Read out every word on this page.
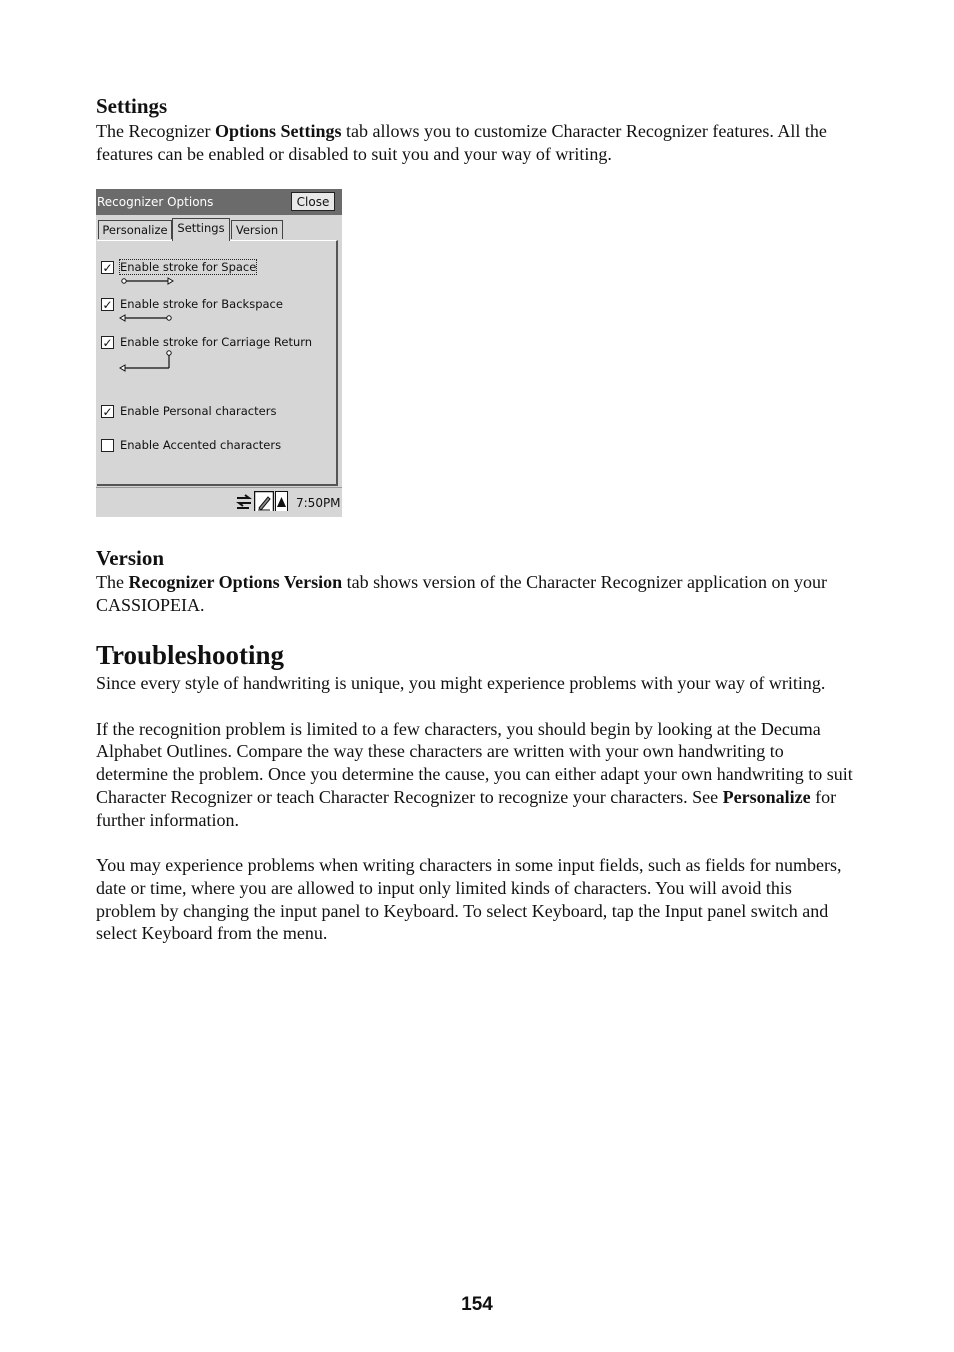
Settings

The Recognizer Options Settings tab allows you to customize Character Recognizer features. All the features can be enabled or disabled to suit you and your way of writing.

Recognizer Options	Close
Personalize Settings Version
✓ Enable stroke for Space
✓ Enable stroke for Backspace
✓ Enable stroke for Carriage Return
✓ Enable Personal characters
Enable Accented characters
7:50PM
Version

The Recognizer Options Version tab shows version of the Character Recognizer application on your CASSIOPEIA.

Troubleshooting

Since every style of handwriting is unique, you might experience problems with your way of writing.

If the recognition problem is limited to a few characters, you should begin by looking at the Decuma Alphabet Outlines. Compare the way these characters are written with your own handwriting to determine the problem. Once you determine the cause, you can either adapt your own handwriting to suit Character Recognizer or teach Character Recognizer to recognize your characters. See Personalize for further information.

You may experience problems when writing characters in some input fields, such as fields for numbers, date or time, where you are allowed to input only limited kinds of characters. You will avoid this problem by changing the input panel to Keyboard. To select Keyboard, tap the Input panel switch and select Keyboard from the menu.

154
